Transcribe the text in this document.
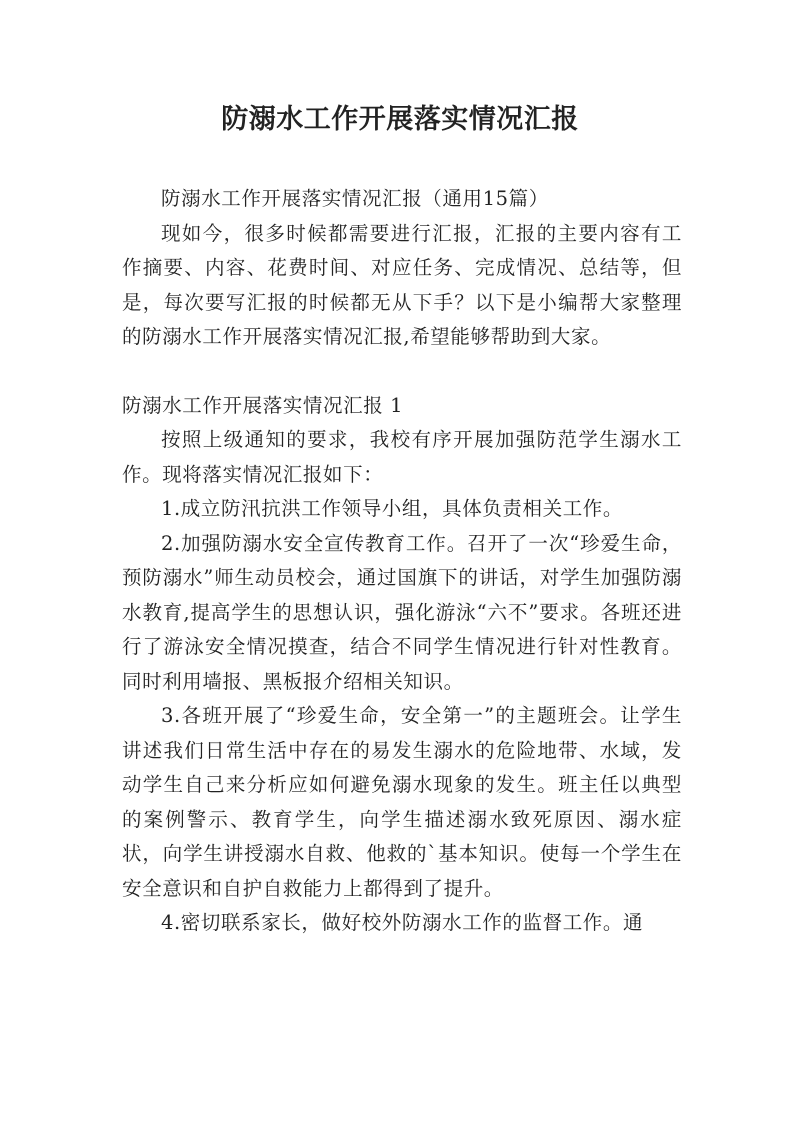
防溺水工作开展落实情况汇报

防溺水工作开展落实情况汇报（通用15篇）

现如今，很多时候都需要进行汇报，汇报的主要内容有工作摘要、内容、花费时间、对应任务、完成情况、总结等，但是，每次要写汇报的时候都无从下手？以下是小编帮大家整理的防溺水工作开展落实情况汇报,希望能够帮助到大家。

防溺水工作开展落实情况汇报 1

按照上级通知的要求，我校有序开展加强防范学生溺水工作。现将落实情况汇报如下：

1.成立防汛抗洪工作领导小组，具体负责相关工作。

2.加强防溺水安全宣传教育工作。召开了一次“珍爱生命，预防溺水”师生动员校会，通过国旗下的讲话，对学生加强防溺水教育,提高学生的思想认识，强化游泳“六不”要求。各班还进行了游泳安全情况摸查，结合不同学生情况进行针对性教育。同时利用墙报、黑板报介绍相关知识。

3.各班开展了“珍爱生命，安全第一”的主题班会。让学生讲述我们日常生活中存在的易发生溺水的危险地带、水域，发动学生自己来分析应如何避免溺水现象的发生。班主任以典型的案例警示、教育学生，向学生描述溺水致死原因、溺水症状，向学生讲授溺水自救、他救的`基本知识。使每一个学生在安全意识和自护自救能力上都得到了提升。

4.密切联系家长，做好校外防溺水工作的监督工作。通
